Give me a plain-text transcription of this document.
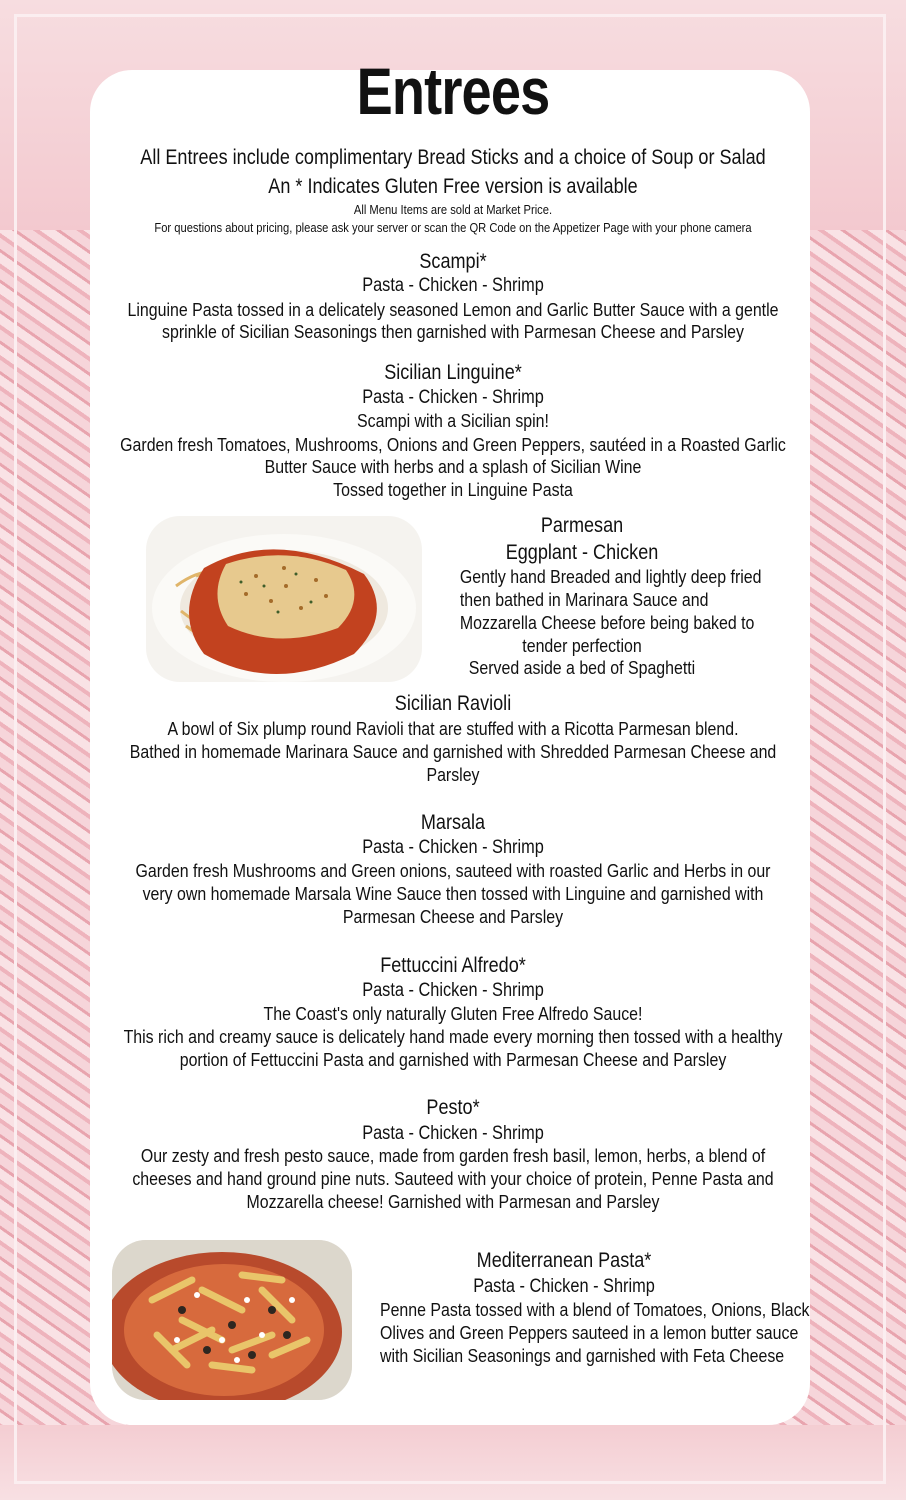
Entrees
All Entrees include complimentary Bread Sticks and a choice of Soup or Salad
An * Indicates Gluten Free version is available
All Menu Items are sold at Market Price.
For questions about pricing, please ask your server or scan the QR Code on the Appetizer Page with your phone camera
Scampi*
Pasta - Chicken - Shrimp
Linguine Pasta tossed in a delicately seasoned Lemon and Garlic Butter Sauce with a gentle
sprinkle of Sicilian Seasonings then garnished with Parmesan Cheese and Parsley
Sicilian Linguine*
Pasta - Chicken - Shrimp
Scampi with a Sicilian spin!
Garden fresh Tomatoes, Mushrooms, Onions and Green Peppers, sautéed in a Roasted Garlic
Butter Sauce with herbs and a splash of Sicilian Wine
Tossed together in Linguine Pasta
Parmesan
Eggplant - Chicken
Gently hand Breaded and lightly deep fried
then bathed in Marinara Sauce and
Mozzarella Cheese before being baked to
tender perfection
Served aside a bed of Spaghetti
Sicilian Ravioli
A bowl of Six plump round Ravioli that are stuffed with a Ricotta Parmesan blend.
Bathed in homemade Marinara Sauce and garnished with Shredded Parmesan Cheese and
Parsley
Marsala
Pasta - Chicken - Shrimp
Garden fresh Mushrooms and Green onions, sauteed with roasted Garlic and Herbs in our
very own homemade Marsala Wine Sauce then tossed with Linguine and garnished with
Parmesan Cheese and Parsley
Fettuccini Alfredo*
Pasta - Chicken - Shrimp
The Coast's only naturally Gluten Free Alfredo Sauce!
This rich and creamy sauce is delicately hand made every morning then tossed with a healthy
portion of Fettuccini Pasta and garnished with Parmesan Cheese and Parsley
Pesto*
Pasta - Chicken - Shrimp
Our zesty and fresh pesto sauce, made from garden fresh basil, lemon, herbs, a blend of
cheeses and hand ground pine nuts. Sauteed with your choice of protein, Penne Pasta and
Mozzarella cheese! Garnished with Parmesan and Parsley
Mediterranean Pasta*
Pasta - Chicken - Shrimp
Penne Pasta tossed with a blend of Tomatoes, Onions, Black
Olives and Green Peppers sauteed in a lemon butter sauce
with Sicilian Seasonings and garnished with Feta Cheese
